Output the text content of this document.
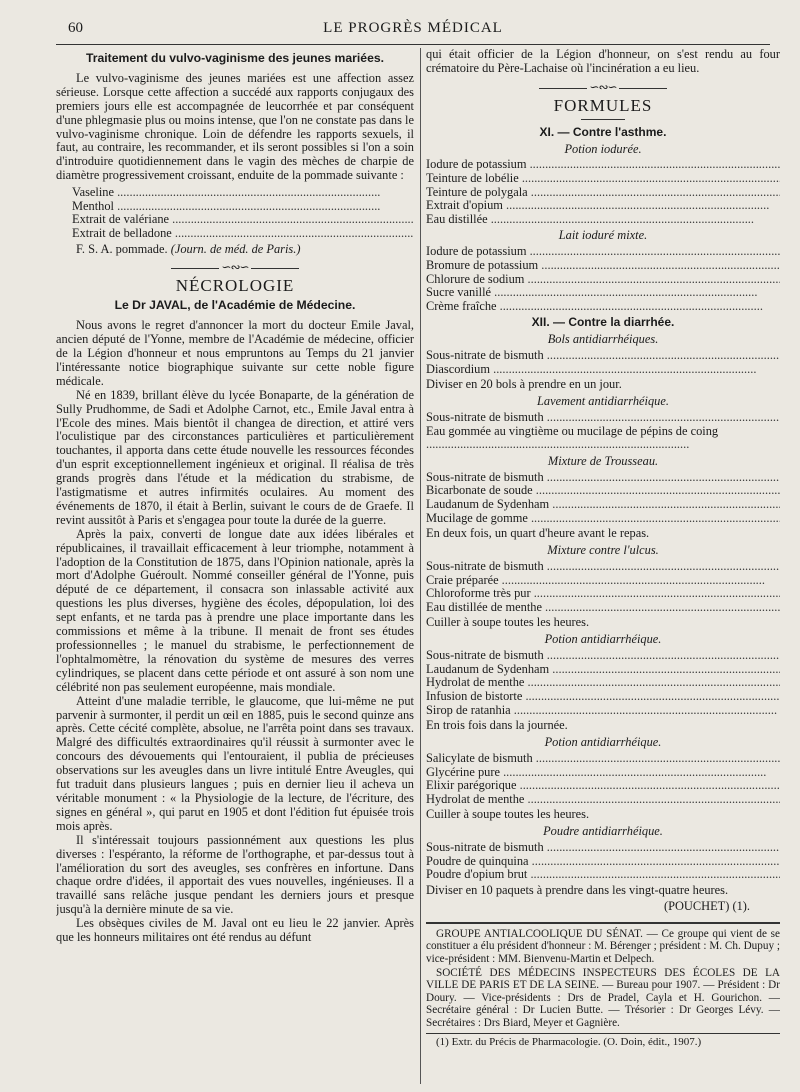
60	LE PROGRÈS MÉDICAL
Traitement du vulvo-vaginisme des jeunes mariées.

Le vulvo-vaginisme des jeunes mariées est une affection assez sérieuse. Lorsque cette affection a succédé aux rapports conjugaux des premiers jours elle est accompagnée de leucorrhée et par conséquent d'une phlegmasie plus ou moins intense, que l'on ne constate pas dans le vulvo-vaginisme chronique. Loin de défendre les rapports sexuels, il faut, au contraire, les recommander, et ils seront possibles si l'on a soin d'introduire quotidiennement dans le vagin des mèches de charpie de diamètre progressivement croissant, enduite de la pommade suivante :

Vaseline .....	
Menthol .....	
Extrait de valériane .....	
Extrait de belladone .....	

F. S. A. pommade. (Journ. de méd. de Paris.)

∽∾∽
NÉCROLOGIE
Le Dr JAVAL, de l'Académie de Médecine.

Nous avons le regret d'annoncer la mort du docteur Emile Javal, ancien député de l'Yonne, membre de l'Académie de médecine, officier de la Légion d'honneur et nous empruntons au Temps du 21 janvier l'intéressante notice biographique suivante sur cette noble figure médicale.

Né en 1839, brillant élève du lycée Bonaparte, de la génération de Sully Prudhomme, de Sadi et Adolphe Carnot, etc., Emile Javal entra à l'Ecole des mines. Mais bientôt il changea de direction, et attiré vers l'oculistique par des circonstances particulières et particulièrement touchantes, il apporta dans cette étude nouvelle les ressources fécondes d'un esprit exceptionnellement ingénieux et original. Il réalisa de très grands progrès dans l'étude et la médication du strabisme, de l'astigmatisme et autres infirmités oculaires. Au moment des événements de 1870, il était à Berlin, suivant le cours de de Graefe. Il revint aussitôt à Paris et s'engagea pour toute la durée de la guerre.

Après la paix, converti de longue date aux idées libérales et républicaines, il travaillait efficacement à leur triomphe, notamment à l'adoption de la Constitution de 1875, dans l'Opinion nationale, après la mort d'Adolphe Guéroult. Nommé conseiller général de l'Yonne, puis député de ce département, il consacra son inlassable activité aux questions les plus diverses, hygiène des écoles, dépopulation, loi des sept enfants, et ne tarda pas à prendre une place importante dans les commissions et même à la tribune. Il menait de front ses études professionnelles ; le manuel du strabisme, le perfectionnement de l'ophtalmomètre, la rénovation du système de mesures des verres cylindriques, se placent dans cette période et ont assuré à son nom une célébrité non pas seulement européenne, mais mondiale.

Atteint d'une maladie terrible, le glaucome, que lui-même ne put parvenir à surmonter, il perdit un œil en 1885, puis le second quinze ans après. Cette cécité complète, absolue, ne l'arrêta point dans ses travaux. Malgré des difficultés extraordinaires qu'il réussit à surmonter avec le concours des dévouements qui l'entouraient, il publia de précieuses observations sur les aveugles dans un livre intitulé Entre Aveugles, qui fut traduit dans plusieurs langues ; puis en dernier lieu il acheva un véritable monument : « la Physiologie de la lecture, de l'écriture, des signes en général », qui parut en 1905 et dont l'édition fut épuisée trois mois après.

Il s'intéressait toujours passionnément aux questions les plus diverses : l'espéranto, la réforme de l'orthographe, et par-dessus tout à l'amélioration du sort des aveugles, ses confrères en infortune. Dans chaque ordre d'idées, il apportait des vues nouvelles, ingénieuses. Il a travaillé sans relâche jusque pendant les derniers jours et presque jusqu'à la dernière minute de sa vie.

Les obsèques civiles de M. Javal ont eu lieu le 22 janvier. Après que les honneurs militaires ont été rendus au défunt

qui était officier de la Légion d'honneur, on s'est rendu au four crématoire du Père-Lachaise où l'incinération a eu lieu.

∽∾∽
FORMULES
XI. — Contre l'asthme.
Potion iodurée.
Iodure de potassium .....	
Teinture de lobélie .....	
Teinture de polygala .....	
Extrait d'opium .....	
Eau distillée .....	
Lait ioduré mixte.
Iodure de potassium .....	
Bromure de potassium .....	
Chlorure de sodium .....	
Sucre vanillé .....	
Crème fraîche .....	
XII. — Contre la diarrhée.
Bols antidiarrhéiques.
Sous-nitrate de bismuth .....	
Diascordium .....	

Diviser en 20 bols à prendre en un jour.

Lavement antidiarrhéique.
Sous-nitrate de bismuth .....	
Eau gommée au vingtième ou mucilage de pépins de coing .....	
Mixture de Trousseau.
Sous-nitrate de bismuth .....	
Bicarbonate de soude .....	
Laudanum de Sydenham .....	
Mucilage de gomme .....	

En deux fois, un quart d'heure avant le repas.

Mixture contre l'ulcus.
Sous-nitrate de bismuth .....	
Craie préparée .....	
Chloroforme très pur .....	
Eau distillée de menthe .....	

Cuiller à soupe toutes les heures.

Potion antidiarrhéique.
Sous-nitrate de bismuth .....	
Laudanum de Sydenham .....	
Hydrolat de menthe .....	
Infusion de bistorte .....	
Sirop de ratanhia .....	

En trois fois dans la journée.

Potion antidiarrhéique.
Salicylate de bismuth .....	
Glycérine pure .....	
Elixir parégorique .....	
Hydrolat de menthe .....	

Cuiller à soupe toutes les heures.

Poudre antidiarrhéique.
Sous-nitrate de bismuth .....	
Poudre de quinquina .....	
Poudre d'opium brut .....	

Diviser en 10 paquets à prendre dans les vingt-quatre heures.

(POUCHET) (1).

GROUPE ANTIALCOOLIQUE DU SÉNAT. — Ce groupe qui vient de se constituer a élu président d'honneur : M. Bérenger ; président : M. Ch. Dupuy ; vice-président : MM. Bienvenu-Martin et Delpech.

SOCIÉTÉ DES MÉDECINS INSPECTEURS DES ÉCOLES DE LA VILLE DE PARIS ET DE LA SEINE. — Bureau pour 1907. — Président : Dr Doury. — Vice-présidents : Drs de Pradel, Cayla et H. Gourichon. — Secrétaire général : Dr Lucien Butte. — Trésorier : Dr Georges Lévy. — Secrétaires : Drs Biard, Meyer et Gagnière.

(1) Extr. du Précis de Pharmacologie. (O. Doin, édit., 1907.)
